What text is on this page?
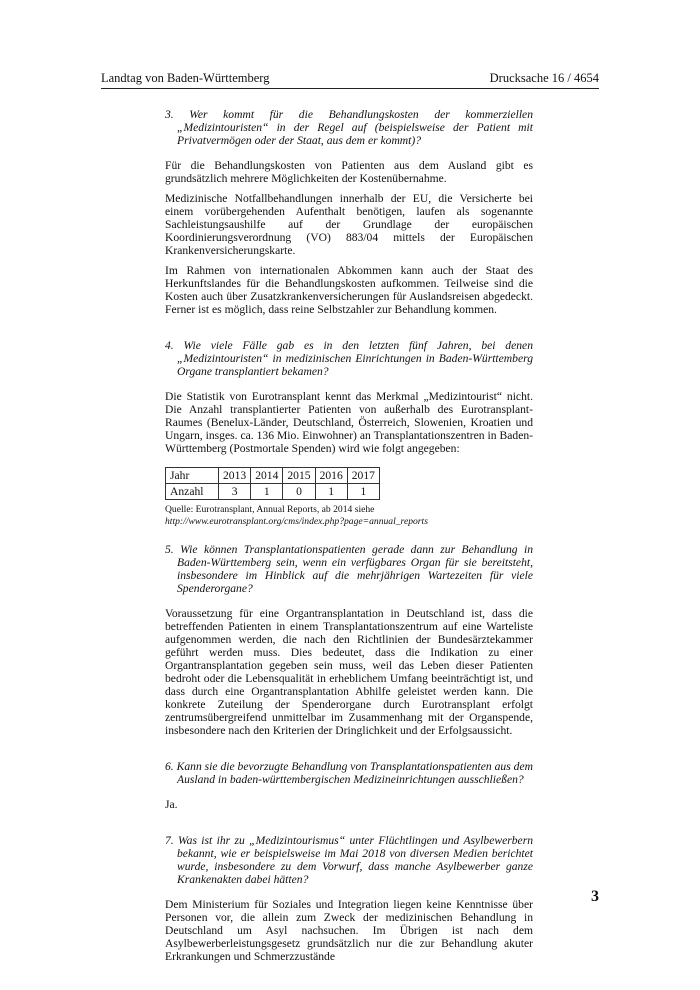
Landtag von Baden-Württemberg	Drucksache 16 / 4654

3. Wer kommt für die Behandlungskosten der kommerziellen „Medizintouristen“ in der Regel auf (beispielsweise der Patient mit Privatvermögen oder der Staat, aus dem er kommt)?

Für die Behandlungskosten von Patienten aus dem Ausland gibt es grundsätzlich mehrere Möglichkeiten der Kostenübernahme.

Medizinische Notfallbehandlungen innerhalb der EU, die Versicherte bei einem vorübergehenden Aufenthalt benötigen, laufen als sogenannte Sachleistungsaushilfe auf der Grundlage der europäischen Koordinierungsverordnung (VO) 883/04 mittels der Europäischen Krankenversicherungskarte.

Im Rahmen von internationalen Abkommen kann auch der Staat des Herkunftslandes für die Behandlungskosten aufkommen. Teilweise sind die Kosten auch über Zusatzkrankenversicherungen für Auslandsreisen abgedeckt. Ferner ist es möglich, dass reine Selbstzahler zur Behandlung kommen.

4. Wie viele Fälle gab es in den letzten fünf Jahren, bei denen „Medizintouristen“ in medizinischen Einrichtungen in Baden-Württemberg Organe transplantiert bekamen?

Die Statistik von Eurotransplant kennt das Merkmal „Medizintourist“ nicht. Die Anzahl transplantierter Patienten von außerhalb des Eurotransplant-Raumes (Benelux-Länder, Deutschland, Österreich, Slowenien, Kroatien und Ungarn, insges. ca. 136 Mio. Einwohner) an Transplantationszentren in Baden-Württemberg (Postmortale Spenden) wird wie folgt angegeben:

Jahr	2013	2014	2015	2016	2017
Anzahl	3	1	0	1	1
Quelle: Eurotransplant, Annual Reports, ab 2014 siehe
http://www.eurotransplant.org/cms/index.php?page=annual_reports

5. Wie können Transplantationspatienten gerade dann zur Behandlung in Baden-Württemberg sein, wenn ein verfügbares Organ für sie bereitsteht, insbesondere im Hinblick auf die mehrjährigen Wartezeiten für viele Spenderorgane?

Voraussetzung für eine Organtransplantation in Deutschland ist, dass die betreffenden Patienten in einem Transplantationszentrum auf eine Warteliste aufgenommen werden, die nach den Richtlinien der Bundesärztekammer geführt werden muss. Dies bedeutet, dass die Indikation zu einer Organtransplantation gegeben sein muss, weil das Leben dieser Patienten bedroht oder die Lebensqualität in erheblichem Umfang beeinträchtigt ist, und dass durch eine Organtransplantation Abhilfe geleistet werden kann. Die konkrete Zuteilung der Spenderorgane durch Eurotransplant erfolgt zentrumsübergreifend unmittelbar im Zusammenhang mit der Organspende, insbesondere nach den Kriterien der Dringlichkeit und der Erfolgsaussicht.

6. Kann sie die bevorzugte Behandlung von Transplantationspatienten aus dem Ausland in baden-württembergischen Medizineinrichtungen ausschließen?

Ja.

7. Was ist ihr zu „Medizintourismus“ unter Flüchtlingen und Asylbewerbern bekannt, wie er beispielsweise im Mai 2018 von diversen Medien berichtet wurde, insbesondere zu dem Vorwurf, dass manche Asylbewerber ganze Krankenakten dabei hätten?

Dem Ministerium für Soziales und Integration liegen keine Kenntnisse über Personen vor, die allein zum Zweck der medizinischen Behandlung in Deutschland um Asyl nachsuchen. Im Übrigen ist nach dem Asylbewerberleistungsgesetz grundsätzlich nur die zur Behandlung akuter Erkrankungen und Schmerzzustände

3
